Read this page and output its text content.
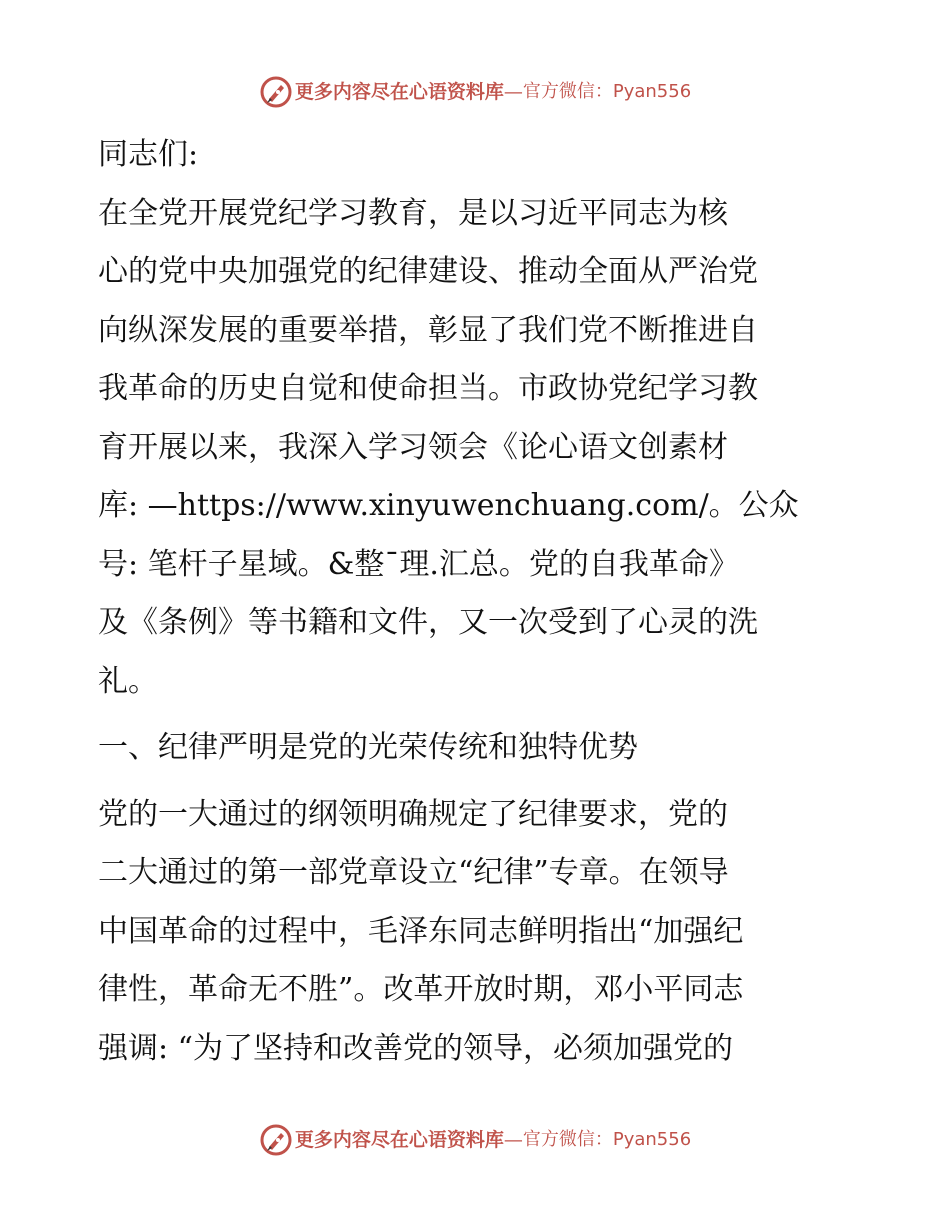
更多内容尽在心语资料库 — 官方微信：Pyan556

同志们:

在全党开展党纪学习教育，是以习近平同志为核

心的党中央加强党的纪律建设、推动全面从严治党

向纵深发展的重要举措，彰显了我们党不断推进自

我革命的历史自觉和使命担当。市政协党纪学习教

育开展以来，我深入学习领会《论心语文创素材

库: —https://www.xinyuwenchuang.com/。公众

号: 笔杆子星域。&整¯理.汇总。党的自我革命》

及《条例》等书籍和文件，又一次受到了心灵的洗

礼。

一、纪律严明是党的光荣传统和独特优势

党的一大通过的纲领明确规定了纪律要求，党的

二大通过的第一部党章设立“纪律”专章。在领导

中国革命的过程中，毛泽东同志鲜明指出“加强纪

律性，革命无不胜”。改革开放时期，邓小平同志

强调: “为了坚持和改善党的领导，必须加强党的

更多内容尽在心语资料库 — 官方微信：Pyan556
